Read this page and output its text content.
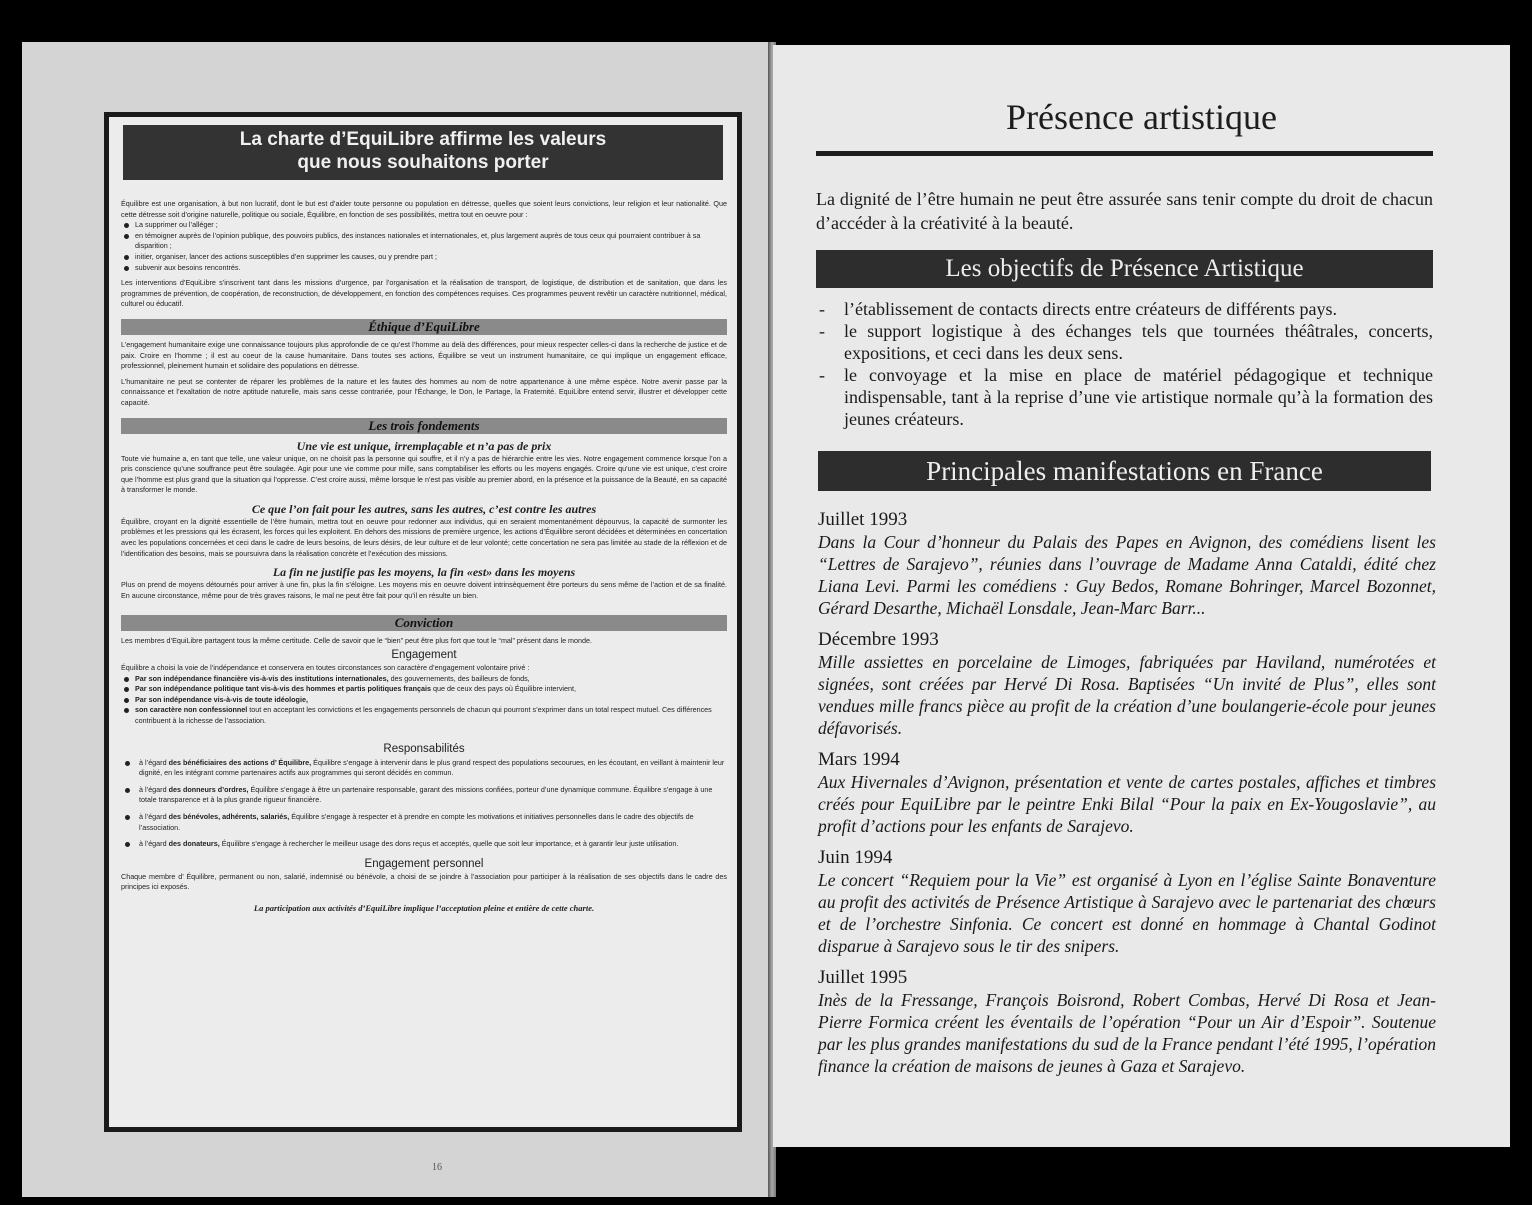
La charte d’EquiLibre affirme les valeurs
que nous souhaitons porter

Équilibre est une organisation, à but non lucratif, dont le but est d’aider toute personne ou population en détresse, quelles que soient leurs convictions, leur religion et leur nationalité. Que cette détresse soit d’origine naturelle, politique ou sociale, Équilibre, en fonction de ses possibilités, mettra tout en oeuvre pour :

La supprimer ou l’alléger ;
en témoigner auprès de l’opinion publique, des pouvoirs publics, des instances nationales et internationales, et, plus largement auprès de tous ceux qui pourraient contribuer à sa disparition ;
initier, organiser, lancer des actions susceptibles d’en supprimer les causes, ou y prendre part ;
subvenir aux besoins rencontrés.

Les interventions d’EquiLibre s’inscrivent tant dans les missions d’urgence, par l’organisation et la réalisation de transport, de logistique, de distribution et de sanitation, que dans les programmes de prévention, de coopération, de reconstruction, de développement, en fonction des compétences requises. Ces programmes peuvent revêtir un caractère nutritionnel, médical, culturel ou éducatif.

Éthique d’EquiLibre

L’engagement humanitaire exige une connaissance toujours plus approfondie de ce qu’est l’homme au delà des différences, pour mieux respecter celles-ci dans la recherche de justice et de paix. Croire en l’homme ; il est au coeur de la cause humanitaire. Dans toutes ses actions, Équilibre se veut un instrument humanitaire, ce qui implique un engagement efficace, professionnel, pleinement humain et solidaire des populations en détresse.

L’humanitaire ne peut se contenter de réparer les problèmes de la nature et les fautes des hommes au nom de notre appartenance à une même espèce. Notre avenir passe par la connaissance et l’exaltation de notre aptitude naturelle, mais sans cesse contrariée, pour l’Échange, le Don, le Partage, la Fraternité. EquiLibre entend servir, illustrer et développer cette capacité.

Les trois fondements
Une vie est unique, irremplaçable et n’a pas de prix

Toute vie humaine a, en tant que telle, une valeur unique, on ne choisit pas la personne qui souffre, et il n’y a pas de hiérarchie entre les vies. Notre engagement commence lorsque l’on a pris conscience qu’une souffrance peut être soulagée. Agir pour une vie comme pour mille, sans comptabiliser les efforts ou les moyens engagés. Croire qu’une vie est unique, c’est croire que l’homme est plus grand que la situation qui l’oppresse. C’est croire aussi, même lorsque le n’est pas visible au premier abord, en la présence et la puissance de la Beauté, en sa capacité à transformer le monde.

Ce que l’on fait pour les autres, sans les autres, c’est contre les autres

Équilibre, croyant en la dignité essentielle de l’être humain, mettra tout en oeuvre pour redonner aux individus, qui en seraient momentanément dépourvus, la capacité de surmonter les problèmes et les pressions qui les écrasent, les forces qui les exploitent. En dehors des missions de première urgence, les actions d’Équilibre seront décidées et déterminées en concertation avec les populations concernées et ceci dans le cadre de leurs besoins, de leurs désirs, de leur culture et de leur volonté; cette concertation ne sera pas limitée au stade de la réflexion et de l’identification des besoins, mais se poursuivra dans la réalisation concrète et l’exécution des missions.

La fin ne justifie pas les moyens, la fin «est» dans les moyens

Plus on prend de moyens détournés pour arriver à une fin, plus la fin s’éloigne. Les moyens mis en oeuvre doivent intrinsèquement être porteurs du sens même de l’action et de sa finalité. En aucune circonstance, même pour de très graves raisons, le mal ne peut être fait pour qu’il en résulte un bien.

Conviction

Les membres d’EquiLibre partagent tous la même certitude. Celle de savoir que le “bien” peut être plus fort que tout le “mal” présent dans le monde.

Engagement

Équilibre a choisi la voie de l’indépendance et conservera en toutes circonstances son caractère d’engagement volontaire privé :

Par son indépendance financière vis-à-vis des institutions internationales, des gouvernements, des bailleurs de fonds,
Par son indépendance politique tant vis-à-vis des hommes et partis politiques français que de ceux des pays où Équilibre intervient,
Par son indépendance vis-à-vis de toute idéologie,
son caractère non confessionnel tout en acceptant les convictions et les engagements personnels de chacun qui pourront s’exprimer dans un total respect mutuel. Ces différences contribuent à la richesse de l’association.
Responsabilités
à l’égard des bénéficiaires des actions d’ Équilibre, Équilibre s’engage à intervenir dans le plus grand respect des populations secourues, en les écoutant, en veillant à maintenir leur dignité, en les intégrant comme partenaires actifs aux programmes qui seront décidés en commun.
à l’égard des donneurs d’ordres, Équilibre s’engage à être un partenaire responsable, garant des missions confiées, porteur d’une dynamique commune. Équilibre s’engage à une totale transparence et à la plus grande rigueur financière.
à l’égard des bénévoles, adhérents, salariés, Équilibre s’engage à respecter et à prendre en compte les motivations et initiatives personnelles dans le cadre des objectifs de l’association.
à l’égard des donateurs, Équilibre s’engage à rechercher le meilleur usage des dons reçus et acceptés, quelle que soit leur importance, et à garantir leur juste utilisation.
Engagement personnel

Chaque membre d’ Équilibre, permanent ou non, salarié, indemnisé ou bénévole, a choisi de se joindre à l’association pour participer à la réalisation de ses objectifs dans le cadre des principes ici exposés.

La participation aux activités d’EquiLibre implique l’acceptation pleine et entière de cette charte.
16
Présence artistique
La dignité de l’être humain ne peut être assurée sans tenir compte du droit de chacun d’accéder à la créativité à la beauté.
Les objectifs de Présence Artistique
- l’établissement de contacts directs entre créateurs de différents pays.
- le support logistique à des échanges tels que tournées théâtrales, concerts, expositions, et ceci dans les deux sens.
- le convoyage et la mise en place de matériel pédagogique et technique indispensable, tant à la reprise d’une vie artistique normale qu’à la formation des jeunes créateurs.
Principales manifestations en France
Juillet 1993
Dans la Cour d’honneur du Palais des Papes en Avignon, des comédiens lisent les “Lettres de Sarajevo”, réunies dans l’ouvrage de Madame Anna Cataldi, édité chez Liana Levi. Parmi les comédiens : Guy Bedos, Romane Bohringer, Marcel Bozonnet, Gérard Desarthe, Michaël Lonsdale, Jean-Marc Barr...
Décembre 1993
Mille assiettes en porcelaine de Limoges, fabriquées par Haviland, numérotées et signées, sont créées par Hervé Di Rosa. Baptisées “Un invité de Plus”, elles sont vendues mille francs pièce au profit de la création d’une boulangerie-école pour jeunes défavorisés.
Mars 1994
Aux Hivernales d’Avignon, présentation et vente de cartes postales, affiches et timbres créés pour EquiLibre par le peintre Enki Bilal “Pour la paix en Ex-Yougoslavie”, au profit d’actions pour les enfants de Sarajevo.
Juin 1994
Le concert “Requiem pour la Vie” est organisé à Lyon en l’église Sainte Bonaventure au profit des activités de Présence Artistique à Sarajevo avec le partenariat des chœurs et de l’orchestre Sinfonia. Ce concert est donné en hommage à Chantal Godinot disparue à Sarajevo sous le tir des snipers.
Juillet 1995
Inès de la Fressange, François Boisrond, Robert Combas, Hervé Di Rosa et Jean-Pierre Formica créent les éventails de l’opération “Pour un Air d’Espoir”. Soutenue par les plus grandes manifestations du sud de la France pendant l’été 1995, l’opération finance la création de maisons de jeunes à Gaza et Sarajevo.
